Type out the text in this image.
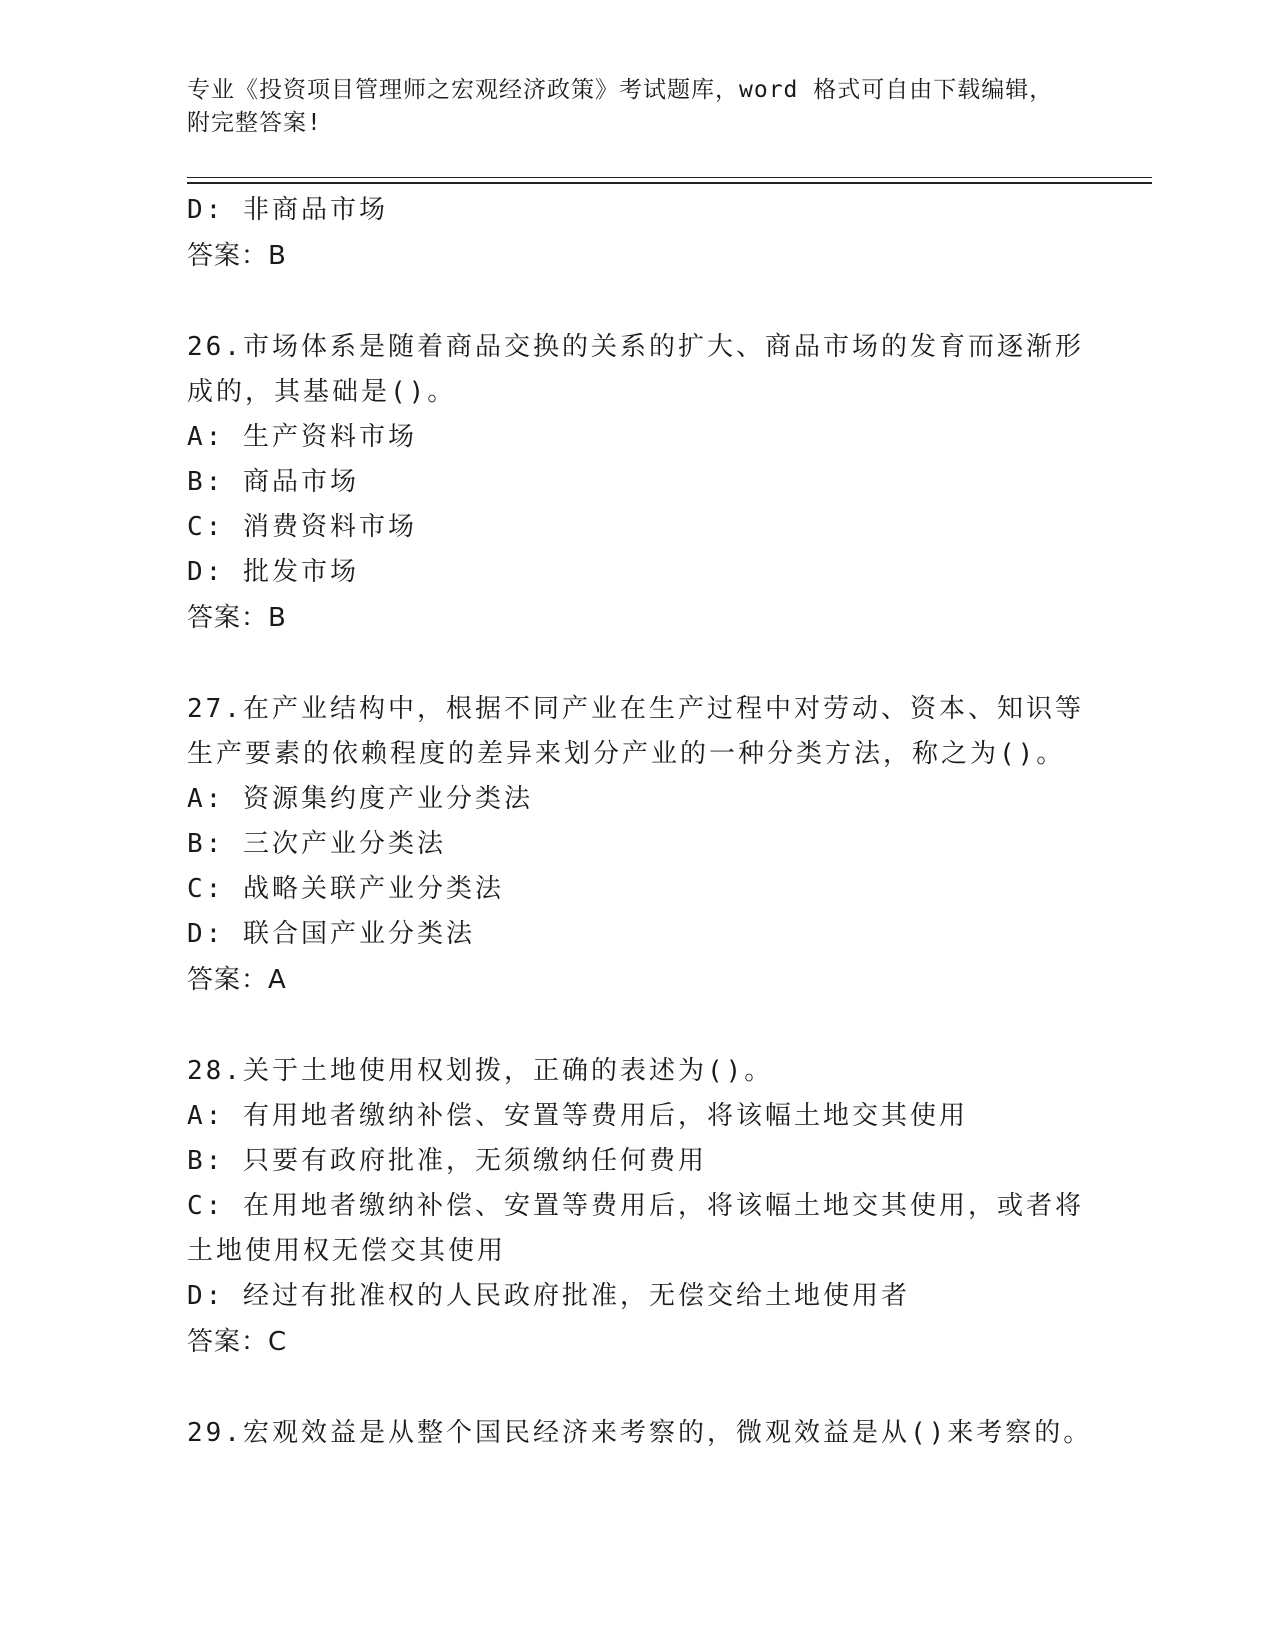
专业《投资项目管理师之宏观经济政策》考试题库，word 格式可自由下载编辑，
附完整答案!
D: 非商品市场
答案：B
26.市场体系是随着商品交换的关系的扩大、商品市场的发育而逐渐形
成的，其基础是()。
A: 生产资料市场
B: 商品市场
C: 消费资料市场
D: 批发市场
答案：B
27.在产业结构中，根据不同产业在生产过程中对劳动、资本、知识等
生产要素的依赖程度的差异来划分产业的一种分类方法，称之为()。
A: 资源集约度产业分类法
B: 三次产业分类法
C: 战略关联产业分类法
D: 联合国产业分类法
答案：A
28.关于土地使用权划拨，正确的表述为()。
A: 有用地者缴纳补偿、安置等费用后，将该幅土地交其使用
B: 只要有政府批准，无须缴纳任何费用
C: 在用地者缴纳补偿、安置等费用后，将该幅土地交其使用，或者将
土地使用权无偿交其使用
D: 经过有批准权的人民政府批准，无偿交给土地使用者
答案：C
29.宏观效益是从整个国民经济来考察的，微观效益是从()来考察的。
